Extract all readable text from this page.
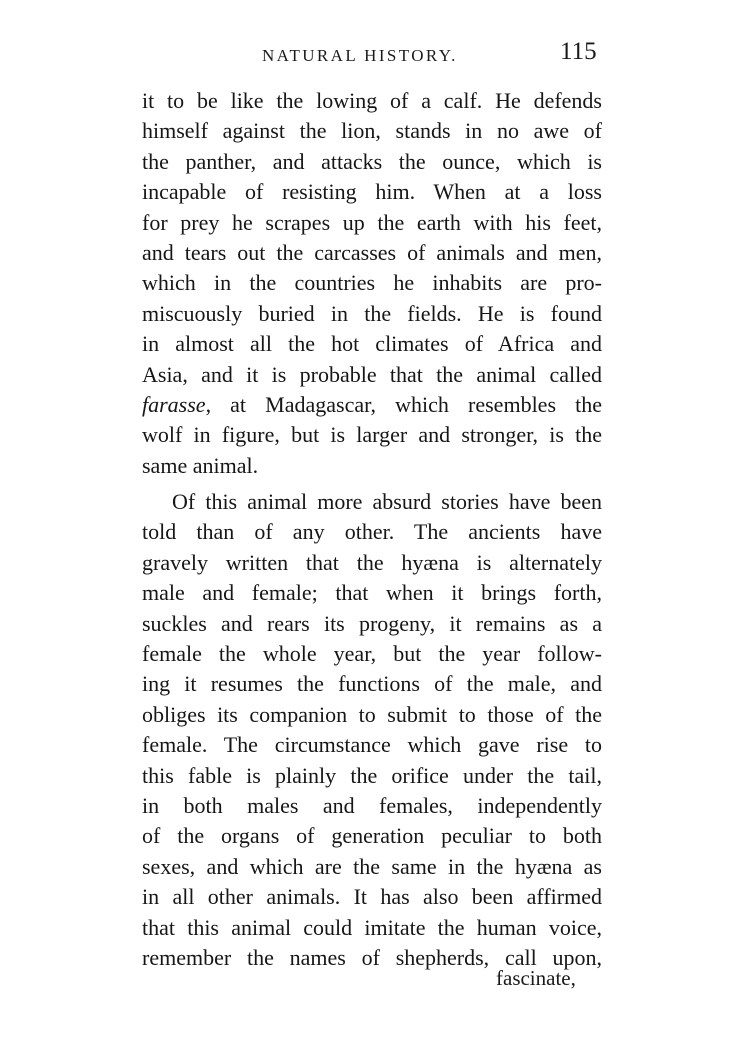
NATURAL HISTORY.	115
it to be like the lowing of a calf. He defends
himself against the lion, stands in no awe of
the panther, and attacks the ounce, which is
incapable of resisting him. When at a loss
for prey he scrapes up the earth with his feet,
and tears out the carcasses of animals and men,
which in the countries he inhabits are pro-
miscuously buried in the fields. He is found
in almost all the hot climates of Africa and
Asia, and it is probable that the animal called
farasse, at Madagascar, which resembles the
wolf in figure, but is larger and stronger, is the
same animal.
Of this animal more absurd stories have been
told than of any other. The ancients have
gravely written that the hyæna is alternately
male and female; that when it brings forth,
suckles and rears its progeny, it remains as a
female the whole year, but the year follow-
ing it resumes the functions of the male, and
obliges its companion to submit to those of the
female. The circumstance which gave rise to
this fable is plainly the orifice under the tail,
in both males and females, independently
of the organs of generation peculiar to both
sexes, and which are the same in the hyæna as
in all other animals. It has also been affirmed
that this animal could imitate the human voice,
remember the names of shepherds, call upon,
fascinate,
